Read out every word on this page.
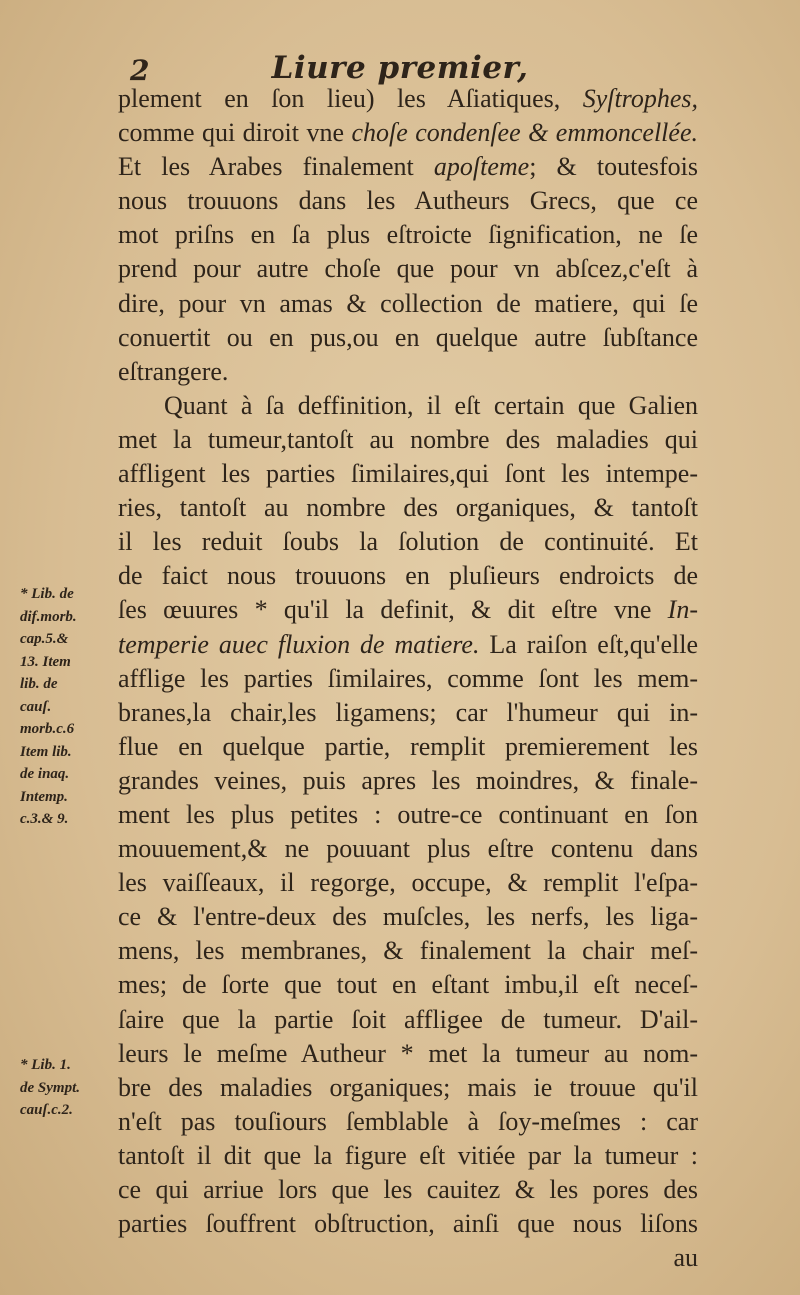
2	Liure premier,
plement en ſon lieu) les Aſiatiques, Syſtrophes,
comme qui diroit vne choſe condenſee & emmoncellée.
Et les Arabes finalement apoſteme; & toutesfois
nous trouuons dans les Autheurs Grecs, que ce
mot priſns en ſa plus eſtroicte ſignification, ne ſe
prend pour autre choſe que pour vn abſcez,c'eſt à
dire, pour vn amas & collection de matiere, qui ſe
conuertit ou en pus,ou en quelque autre ſubſtance
eſtrangere.
Quant à ſa deffinition, il eſt certain que Galien
met la tumeur,tantoſt au nombre des maladies qui
affligent les parties ſimilaires,qui ſont les intempe-
ries, tantoſt au nombre des organiques, & tantoſt
il les reduit ſoubs la ſolution de continuité. Et
de faict nous trouuons en pluſieurs endroicts de
ſes œuures * qu'il la definit, & dit eſtre vne In-
temperie auec fluxion de matiere. La raiſon eſt,qu'elle
afflige les parties ſimilaires, comme ſont les mem-
branes,la chair,les ligamens; car l'humeur qui in-
flue en quelque partie, remplit premierement les
grandes veines, puis apres les moindres, & finale-
ment les plus petites : outre-ce continuant en ſon
mouuement,& ne pouuant plus eſtre contenu dans
les vaiſſeaux, il regorge, occupe, & remplit l'eſpa-
ce & l'entre-deux des muſcles, les nerfs, les liga-
mens, les membranes, & finalement la chair meſ-
mes; de ſorte que tout en eſtant imbu,il eſt neceſ-
ſaire que la partie ſoit affligee de tumeur. D'ail-
leurs le meſme Autheur * met la tumeur au nom-
bre des maladies organiques; mais ie trouue qu'il
n'eſt pas touſiours ſemblable à ſoy-meſmes : car
tantoſt il dit que la figure eſt vitiée par la tumeur :
ce qui arriue lors que les cauitez & les pores des
parties ſouffrent obſtruction, ainſi que nous liſons
au
* Lib. de
dif.morb.
cap.5.&
13. Item
lib. de
cauſ.
morb.c.6
Item lib.
de inaq.
Intemp.
c.3.& 9.
* Lib. 1.
de Sympt.
cauſ.c.2.
